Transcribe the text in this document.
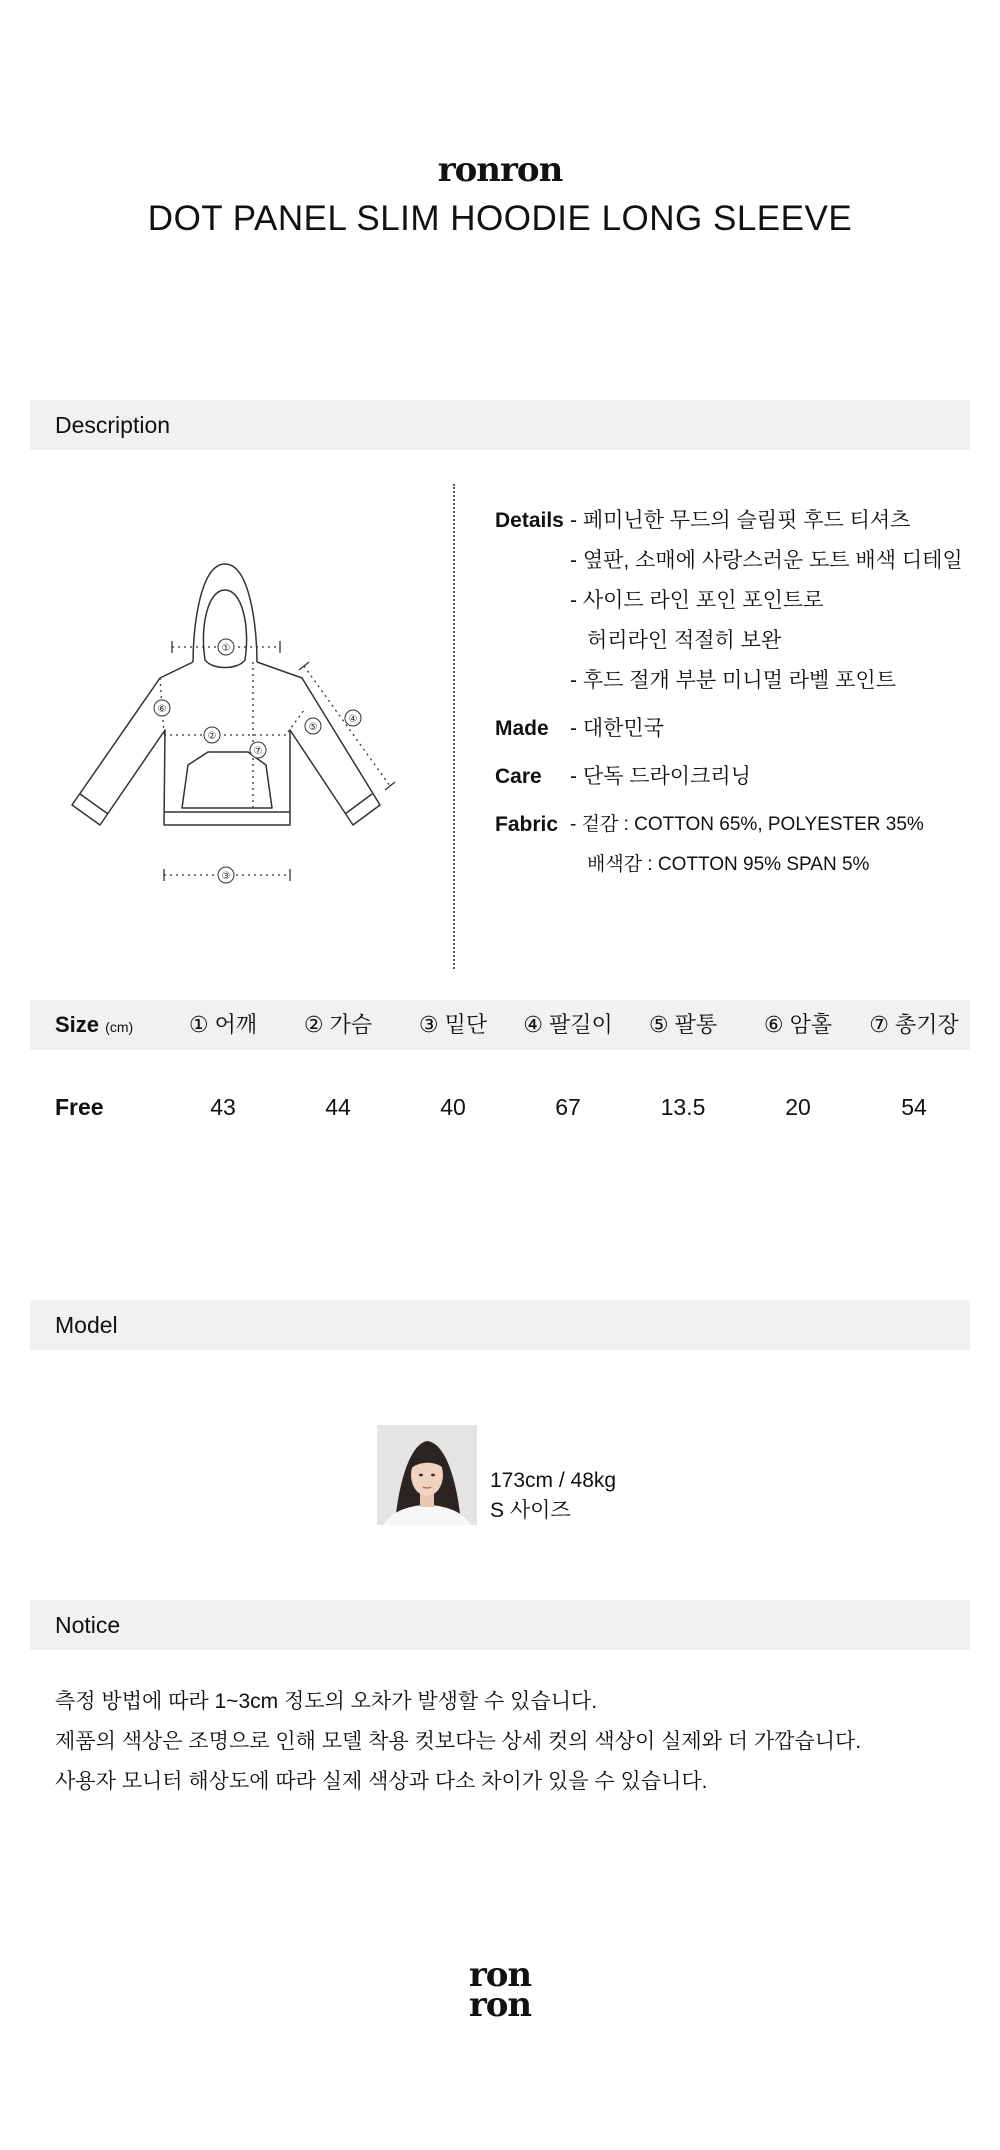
ronron
DOT PANEL SLIM HOODIE LONG SLEEVE
Description
①
②
③
④
⑤
⑥
⑦
Details - 페미닌한 무드의 슬림핏 후드 티셔츠
- 옆판, 소매에 사랑스러운 도트 배색 디테일
- 사이드 라인 포인 포인트로
허리라인 적절히 보완
- 후드 절개 부분 미니멀 라벨 포인트
Made	- 대한민국
Care	- 단독 드라이크리닝
Fabric - 겉감 : COTTON 65%, POLYESTER 35%
배색감 : COTTON 95% SPAN 5%
Size (cm)	① 어깨	② 가슴	③ 밑단	④ 팔길이	⑤ 팔통	⑥ 암홀	⑦ 총기장
Free	43	44	40	67	13.5	20	54
Model
173cm / 48kg
S 사이즈
Notice
측정 방법에 따라 1~3cm 정도의 오차가 발생할 수 있습니다.
제품의 색상은 조명으로 인해 모델 착용 컷보다는 상세 컷의 색상이 실제와 더 가깝습니다.
사용자 모니터 해상도에 따라 실제 색상과 다소 차이가 있을 수 있습니다.
ron
ron
